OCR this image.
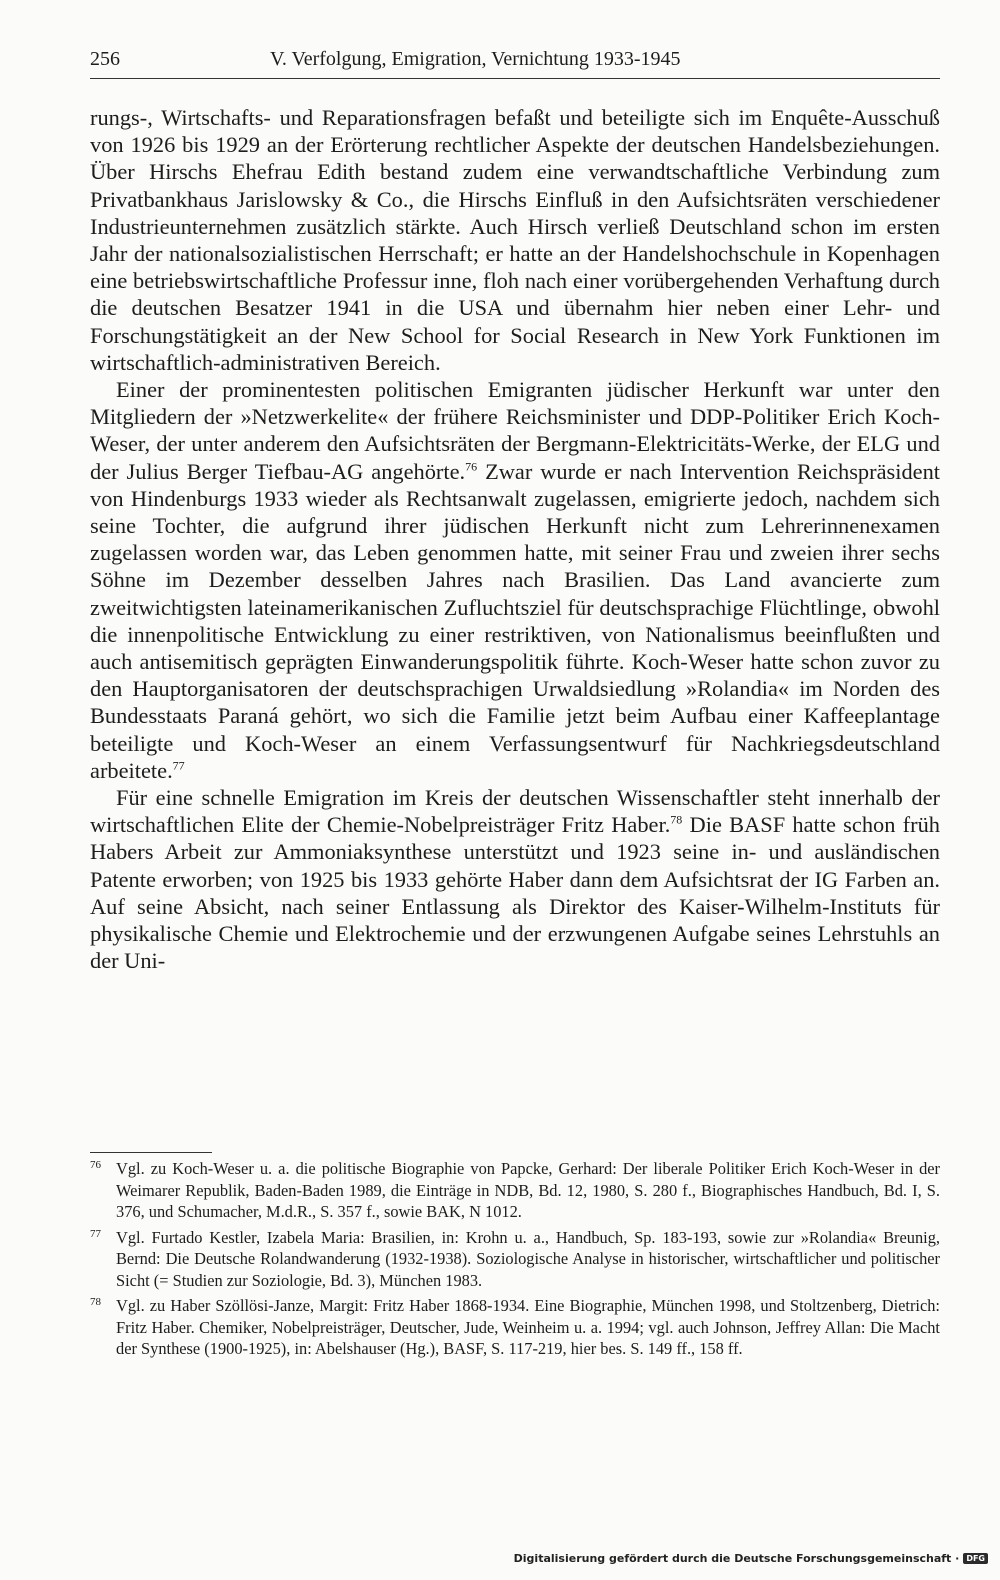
256	V. Verfolgung, Emigration, Vernichtung 1933-1945

rungs-, Wirtschafts- und Reparationsfragen befaßt und beteiligte sich im Enquête-Ausschuß von 1926 bis 1929 an der Erörterung rechtlicher Aspekte der deutschen Handelsbeziehungen. Über Hirschs Ehefrau Edith bestand zudem eine verwandtschaftliche Verbindung zum Privatbankhaus Jarislowsky & Co., die Hirschs Einfluß in den Aufsichtsräten verschiedener Industrieunternehmen zusätzlich stärkte. Auch Hirsch verließ Deutschland schon im ersten Jahr der nationalsozialistischen Herrschaft; er hatte an der Handelshochschule in Kopenhagen eine betriebswirtschaftliche Professur inne, floh nach einer vorübergehenden Verhaftung durch die deutschen Besatzer 1941 in die USA und übernahm hier neben einer Lehr- und Forschungstätigkeit an der New School for Social Research in New York Funktionen im wirtschaftlich-administrativen Bereich.

Einer der prominentesten politischen Emigranten jüdischer Herkunft war unter den Mitgliedern der »Netzwerkelite« der frühere Reichsminister und DDP-Politiker Erich Koch-Weser, der unter anderem den Aufsichtsräten der Bergmann-Elektricitäts-Werke, der ELG und der Julius Berger Tiefbau-AG angehörte.$^{76}$ Zwar wurde er nach Intervention Reichspräsident von Hindenburgs 1933 wieder als Rechtsanwalt zugelassen, emigrierte jedoch, nachdem sich seine Tochter, die aufgrund ihrer jüdischen Herkunft nicht zum Lehrerinnenexamen zugelassen worden war, das Leben genommen hatte, mit seiner Frau und zweien ihrer sechs Söhne im Dezember desselben Jahres nach Brasilien. Das Land avancierte zum zweitwichtigsten lateinamerikanischen Zufluchtsziel für deutschsprachige Flüchtlinge, obwohl die innenpolitische Entwicklung zu einer restriktiven, von Nationalismus beeinflußten und auch antisemitisch geprägten Einwanderungspolitik führte. Koch-Weser hatte schon zuvor zu den Hauptorganisatoren der deutschsprachigen Urwaldsiedlung »Rolandia« im Norden des Bundesstaats Paraná gehört, wo sich die Familie jetzt beim Aufbau einer Kaffeeplantage beteiligte und Koch-Weser an einem Verfassungsentwurf für Nachkriegsdeutschland arbeitete.$^{77}$

Für eine schnelle Emigration im Kreis der deutschen Wissenschaftler steht innerhalb der wirtschaftlichen Elite der Chemie-Nobelpreisträger Fritz Haber.$^{78}$ Die BASF hatte schon früh Habers Arbeit zur Ammoniaksynthese unterstützt und 1923 seine in- und ausländischen Patente erworben; von 1925 bis 1933 gehörte Haber dann dem Aufsichtsrat der IG Farben an. Auf seine Absicht, nach seiner Entlassung als Direktor des Kaiser-Wilhelm-Instituts für physikalische Chemie und Elektrochemie und der erzwungenen Aufgabe seines Lehrstuhls an der Uni-

76 Vgl. zu Koch-Weser u. a. die politische Biographie von Papcke, Gerhard: Der liberale Politiker Erich Koch-Weser in der Weimarer Republik, Baden-Baden 1989, die Einträge in NDB, Bd. 12, 1980, S. 280 f., Biographisches Handbuch, Bd. I, S. 376, und Schumacher, M.d.R., S. 357 f., sowie BAK, N 1012.
77 Vgl. Furtado Kestler, Izabela Maria: Brasilien, in: Krohn u. a., Handbuch, Sp. 183-193, sowie zur »Rolandia« Breunig, Bernd: Die Deutsche Rolandwanderung (1932-1938). Soziologische Analyse in historischer, wirtschaftlicher und politischer Sicht (= Studien zur Soziologie, Bd. 3), München 1983.
78 Vgl. zu Haber Szöllösi-Janze, Margit: Fritz Haber 1868-1934. Eine Biographie, München 1998, und Stoltzenberg, Dietrich: Fritz Haber. Chemiker, Nobelpreisträger, Deutscher, Jude, Weinheim u. a. 1994; vgl. auch Johnson, Jeffrey Allan: Die Macht der Synthese (1900-1925), in: Abelshauser (Hg.), BASF, S. 117-219, hier bes. S. 149 ff., 158 ff.
Digitalisierung gefördert durch die Deutsche Forschungsgemeinschaft · DFG
